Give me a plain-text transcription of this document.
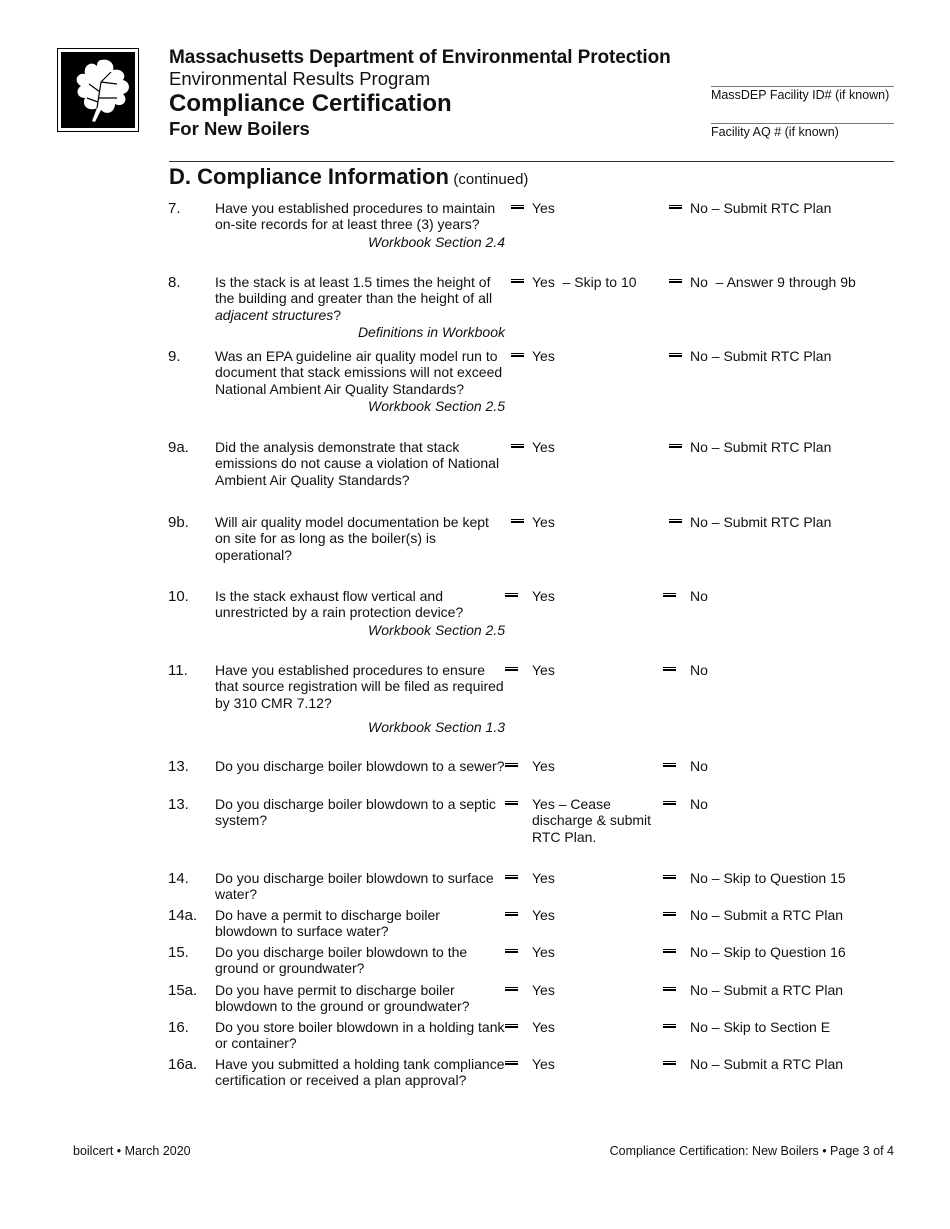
Massachusetts Department of Environmental Protection
Environmental Results Program
Compliance Certification
For New Boilers
MassDEP Facility ID# (if known)
Facility AQ # (if known)
D. Compliance Information (continued)
7. Have you established procedures to maintain on-site records for at least three (3) years?
Workbook Section 2.4
Yes	No – Submit RTC Plan
8. Is the stack is at least 1.5 times the height of the building and greater than the height of all adjacent structures?
Definitions in Workbook
Yes  – Skip to 10	No  – Answer 9 through 9b
9. Was an EPA guideline air quality model run to document that stack emissions will not exceed National Ambient Air Quality Standards?
Workbook Section 2.5
Yes	No – Submit RTC Plan
9a. Did the analysis demonstrate that stack emissions do not cause a violation of National Ambient Air Quality Standards?
Yes	No – Submit RTC Plan
9b. Will air quality model documentation be kept on site for as long as the boiler(s) is operational?
Yes	No – Submit RTC Plan
10. Is the stack exhaust flow vertical and unrestricted by a rain protection device?
Workbook Section 2.5
Yes	No
11. Have you established procedures to ensure that source registration will be filed as required by 310 CMR 7.12?
Workbook Section 1.3
Yes	No
13. Do you discharge boiler blowdown to a sewer? Yes	No
13. Do you discharge boiler blowdown to a septic system?
Yes – Cease discharge & submit RTC Plan.
No
14. Do you discharge boiler blowdown to surface water?
Yes	No – Skip to Question 15
14a. Do have a permit to discharge boiler blowdown to surface water?
Yes	No – Submit a RTC Plan
15. Do you discharge boiler blowdown to the ground or groundwater?
Yes	No – Skip to Question 16
15a. Do you have permit to discharge boiler blowdown to the ground or groundwater?
Yes	No – Submit a RTC Plan
16. Do you store boiler blowdown in a holding tank or container?
Yes	No – Skip to Section E
16a. Have you submitted a holding tank compliance certification or received a plan approval?
Yes	No – Submit a RTC Plan
boilcert • March 2020	Compliance Certification: New Boilers • Page 3 of 4
